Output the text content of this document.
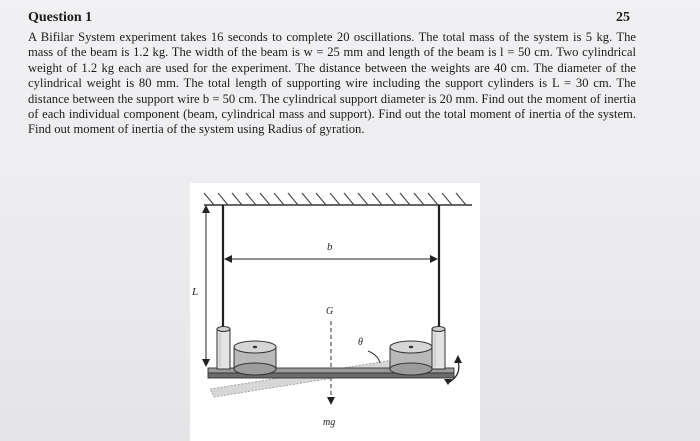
Question 1	25
A Bifilar System experiment takes 16 seconds to complete 20 oscillations. The total mass of the system is 5 kg. The mass of the beam is 1.2 kg. The width of the beam is w = 25 mm and length of the beam is l = 50 cm. Two cylindrical weight of 1.2 kg each are used for the experiment. The distance between the weights are 40 cm. The diameter of the cylindrical weight is 80 mm. The total length of supporting wire including the support cylinders is L = 30 cm. The distance between the support wire b = 50 cm. The cylindrical support diameter is 20 mm. Find out the moment of inertia of each individual component (beam, cylindrical mass and support). Find out the total moment of inertia of the system. Find out moment of inertia of the system using Radius of gyration.
L
b
G
mg
θ
